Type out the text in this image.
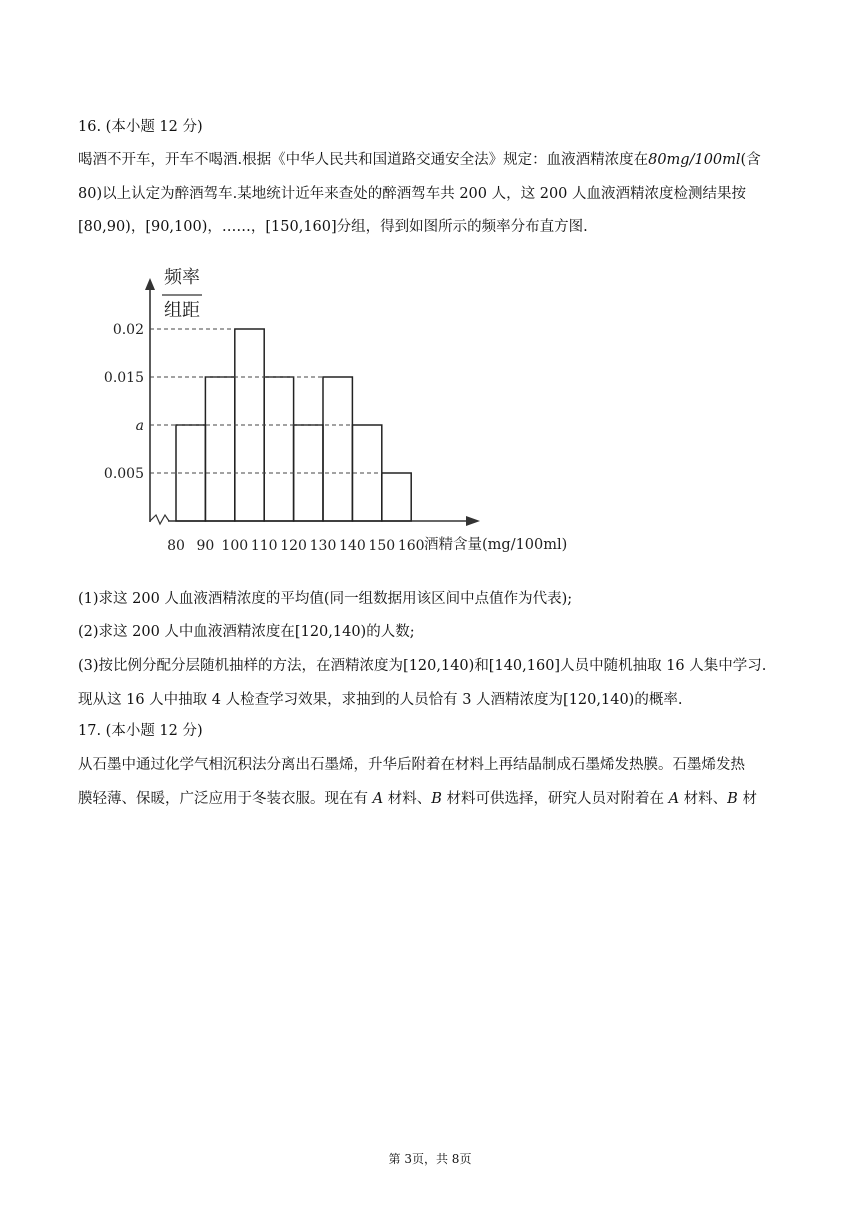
16. (本小题 12 分)
喝酒不开车，开车不喝酒.根据《中华人民共和国道路交通安全法》规定：血液酒精浓度在80mg/100ml(含
80)以上认定为醉酒驾车.某地统计近年来查处的醉酒驾车共 200 人，这 200 人血液酒精浓度检测结果按
[80,90)，[90,100)，……，[150,160]分组，得到如图所示的频率分布直方图.
频率
组距
0.02
0.015
a
0.005
80 90 100 110 120 130 140 150 160 酒精含量(mg/100ml)
(1)求这 200 人血液酒精浓度的平均值(同一组数据用该区间中点值作为代表);
(2)求这 200 人中血液酒精浓度在[120,140)的人数;
(3)按比例分配分层随机抽样的方法，在酒精浓度为[120,140)和[140,160]人员中随机抽取 16 人集中学习.
现从这 16 人中抽取 4 人检查学习效果，求抽到的人员恰有 3 人酒精浓度为[120,140)的概率.
17. (本小题 12 分)
从石墨中通过化学气相沉积法分离出石墨烯，升华后附着在材料上再结晶制成石墨烯发热膜。石墨烯发热
膜轻薄、保暖，广泛应用于冬装衣服。现在有 A 材料、B 材料可供选择，研究人员对附着在 A 材料、B 材
第 3页，共 8页
